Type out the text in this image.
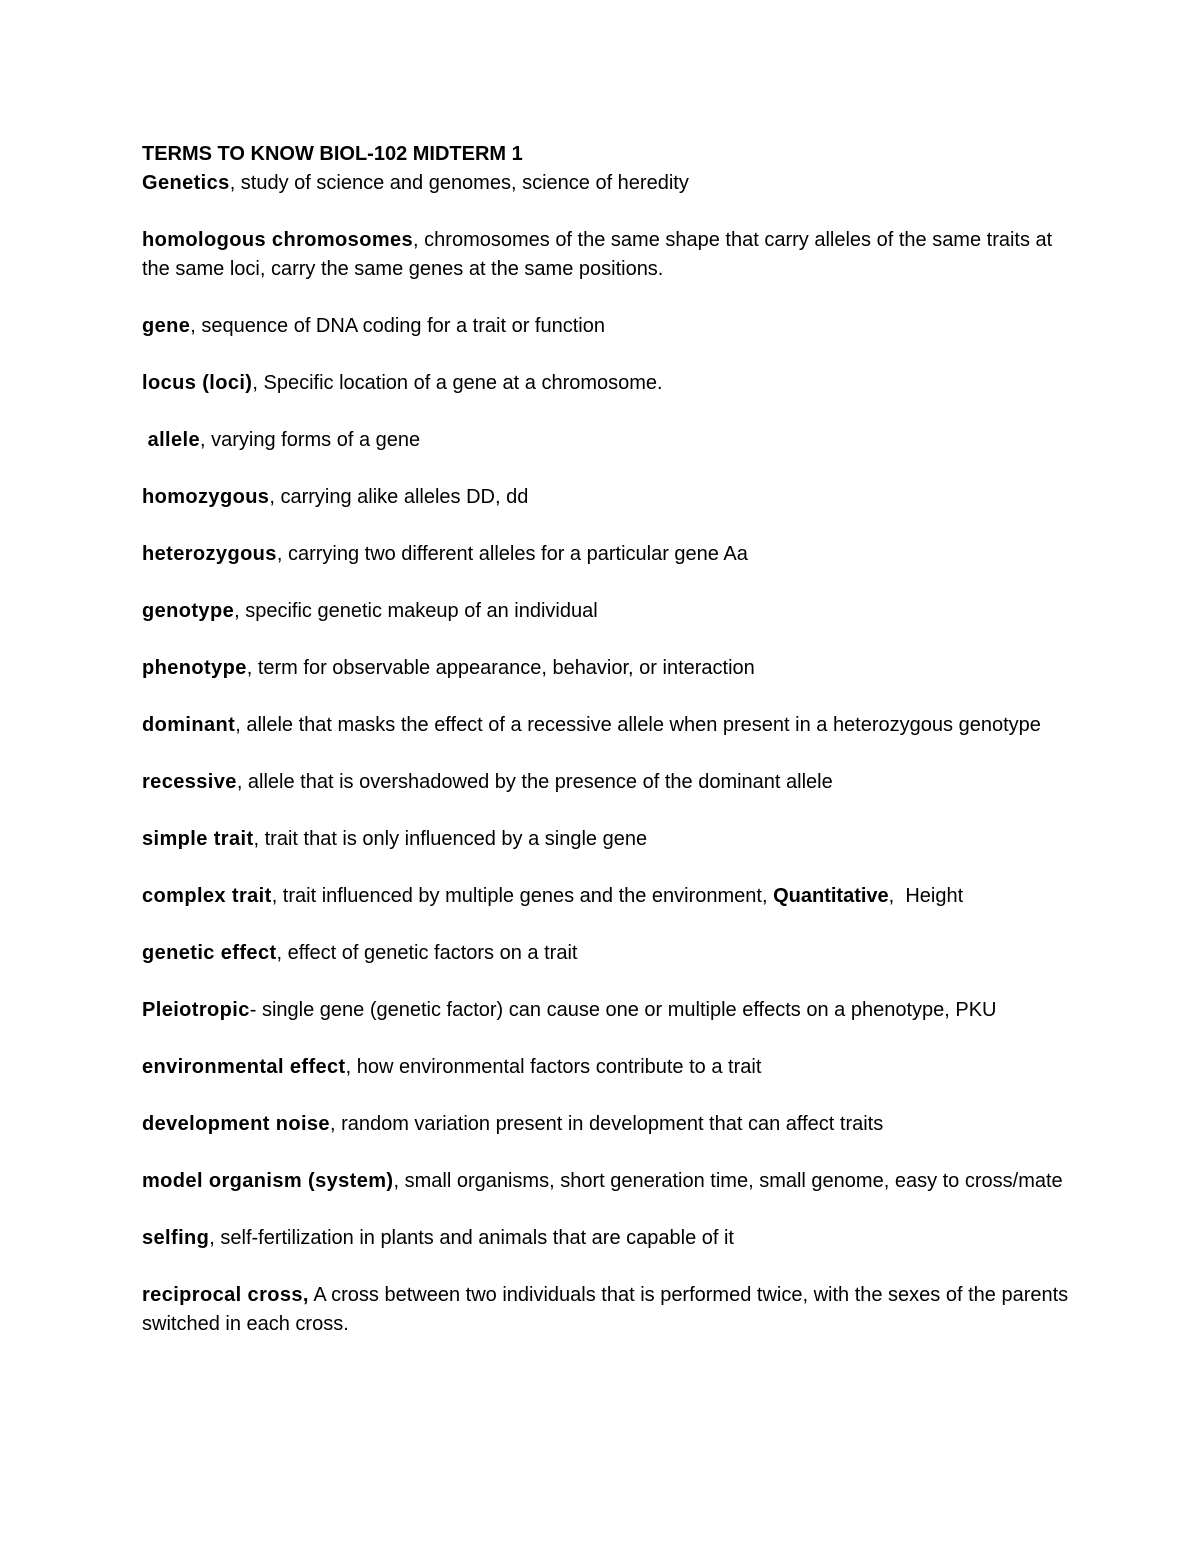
TERMS TO KNOW BIOL-102 MIDTERM 1

Genetics, study of science and genomes, science of heredity

homologous chromosomes, chromosomes of the same shape that carry alleles of the same traits at the same loci, carry the same genes at the same positions.

gene, sequence of DNA coding for a trait or function

locus (loci), Specific location of a gene at a chromosome.

allele, varying forms of a gene

homozygous, carrying alike alleles DD, dd

heterozygous, carrying two different alleles for a particular gene Aa

genotype, specific genetic makeup of an individual

phenotype, term for observable appearance, behavior, or interaction

dominant, allele that masks the effect of a recessive allele when present in a heterozygous genotype

recessive, allele that is overshadowed by the presence of the dominant allele

simple trait, trait that is only influenced by a single gene

complex trait, trait influenced by multiple genes and the environment, Quantitative,  Height

genetic effect, effect of genetic factors on a trait

Pleiotropic- single gene (genetic factor) can cause one or multiple effects on a phenotype, PKU

environmental effect, how environmental factors contribute to a trait

development noise, random variation present in development that can affect traits

model organism (system), small organisms, short generation time, small genome, easy to cross/mate

selfing, self-fertilization in plants and animals that are capable of it

reciprocal cross, A cross between two individuals that is performed twice, with the sexes of the parents switched in each cross.
